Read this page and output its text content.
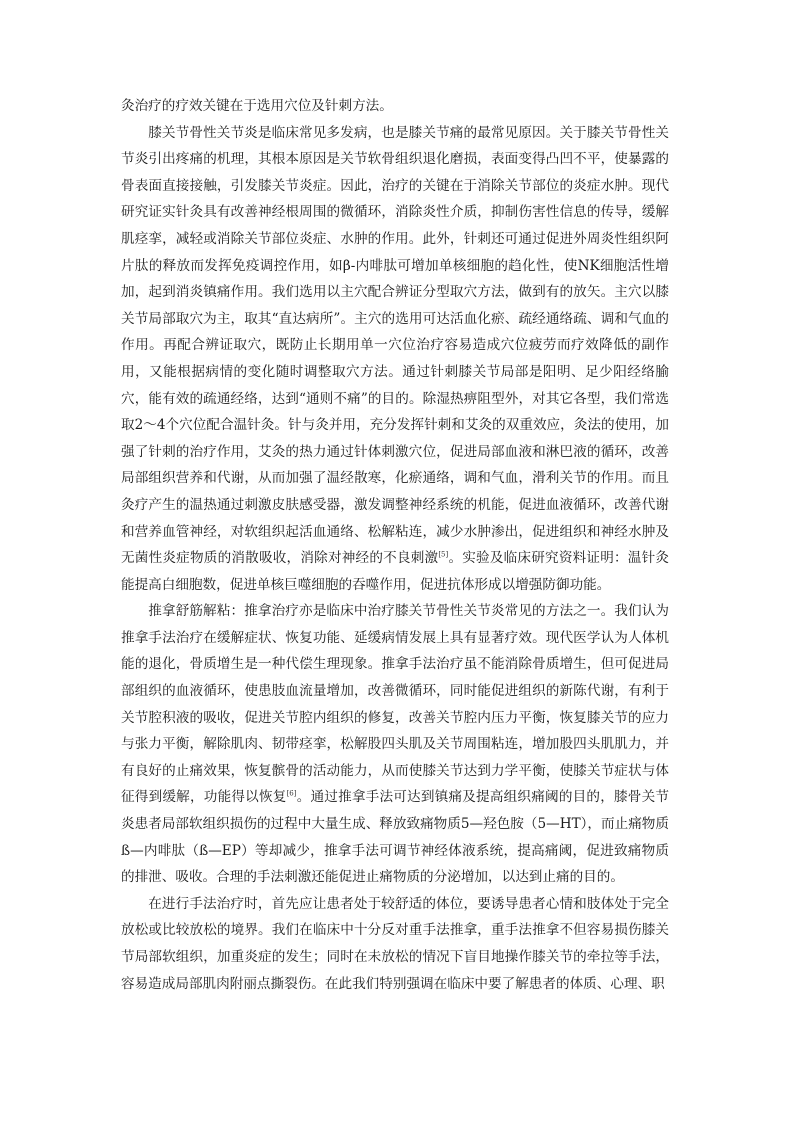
灸治疗的疗效关键在于选用穴位及针刺方法。

膝关节骨性关节炎是临床常见多发病，也是膝关节痛的最常见原因。关于膝关节骨性关节炎引出疼痛的机理，其根本原因是关节软骨组织退化磨损，表面变得凸凹不平，使暴露的骨表面直接接触，引发膝关节炎症。因此，治疗的关键在于消除关节部位的炎症水肿。现代研究证实针灸具有改善神经根周围的微循环，消除炎性介质，抑制伤害性信息的传导，缓解肌痉挛，减轻或消除关节部位炎症、水肿的作用。此外，针刺还可通过促进外周炎性组织阿片肽的释放而发挥免疫调控作用，如β-内啡肽可增加单核细胞的趋化性，使NK细胞活性增加，起到消炎镇痛作用。我们选用以主穴配合辨证分型取穴方法，做到有的放矢。主穴以膝关节局部取穴为主，取其“直达病所”。主穴的选用可达活血化瘀、疏经通络疏、调和气血的作用。再配合辨证取穴，既防止长期用单一穴位治疗容易造成穴位疲劳而疗效降低的副作用，又能根据病情的变化随时调整取穴方法。通过针刺膝关节局部是阳明、足少阳经络腧穴，能有效的疏通经络，达到“通则不痛”的目的。除湿热痹阻型外，对其它各型，我们常选取2～4个穴位配合温针灸。针与灸并用，充分发挥针刺和艾灸的双重效应，灸法的使用，加强了针刺的治疗作用，艾灸的热力通过针体刺激穴位，促进局部血液和淋巴液的循环，改善局部组织营养和代谢，从而加强了温经散寒，化瘀通络，调和气血，滑利关节的作用。而且灸疗产生的温热通过刺激皮肤感受器，激发调整神经系统的机能，促进血液循环，改善代谢和营养血管神经，对软组织起活血通络、松解粘连，减少水肿渗出，促进组织和神经水肿及无菌性炎症物质的消散吸收，消除对神经的不良刺激[5]。实验及临床研究资料证明：温针灸能提高白细胞数，促进单核巨噬细胞的吞噬作用，促进抗体形成以增强防御功能。

推拿舒筋解粘：推拿治疗亦是临床中治疗膝关节骨性关节炎常见的方法之一。我们认为推拿手法治疗在缓解症状、恢复功能、延缓病情发展上具有显著疗效。现代医学认为人体机能的退化，骨质增生是一种代偿生理现象。推拿手法治疗虽不能消除骨质增生，但可促进局部组织的血液循环，使患肢血流量增加，改善微循环，同时能促进组织的新陈代谢，有利于关节腔积液的吸收，促进关节腔内组织的修复，改善关节腔内压力平衡，恢复膝关节的应力与张力平衡，解除肌肉、韧带痉挛，松解股四头肌及关节周围粘连，增加股四头肌肌力，并有良好的止痛效果，恢复髌骨的活动能力，从而使膝关节达到力学平衡，使膝关节症状与体征得到缓解，功能得以恢复[6]。通过推拿手法可达到镇痛及提高组织痛阈的目的，膝骨关节炎患者局部软组织损伤的过程中大量生成、释放致痛物质5—羟色胺（5—HT），而止痛物质ß—内啡肽（ß—EP）等却减少，推拿手法可调节神经体液系统，提高痛阈，促进致痛物质的排泄、吸收。合理的手法刺激还能促进止痛物质的分泌增加，以达到止痛的目的。

在进行手法治疗时，首先应让患者处于较舒适的体位，要诱导患者心情和肢体处于完全放松或比较放松的境界。我们在临床中十分反对重手法推拿，重手法推拿不但容易损伤膝关节局部软组织，加重炎症的发生；同时在未放松的情况下盲目地操作膝关节的牵拉等手法，容易造成局部肌肉附丽点撕裂伤。在此我们特别强调在临床中要了解患者的体质、心理、职
